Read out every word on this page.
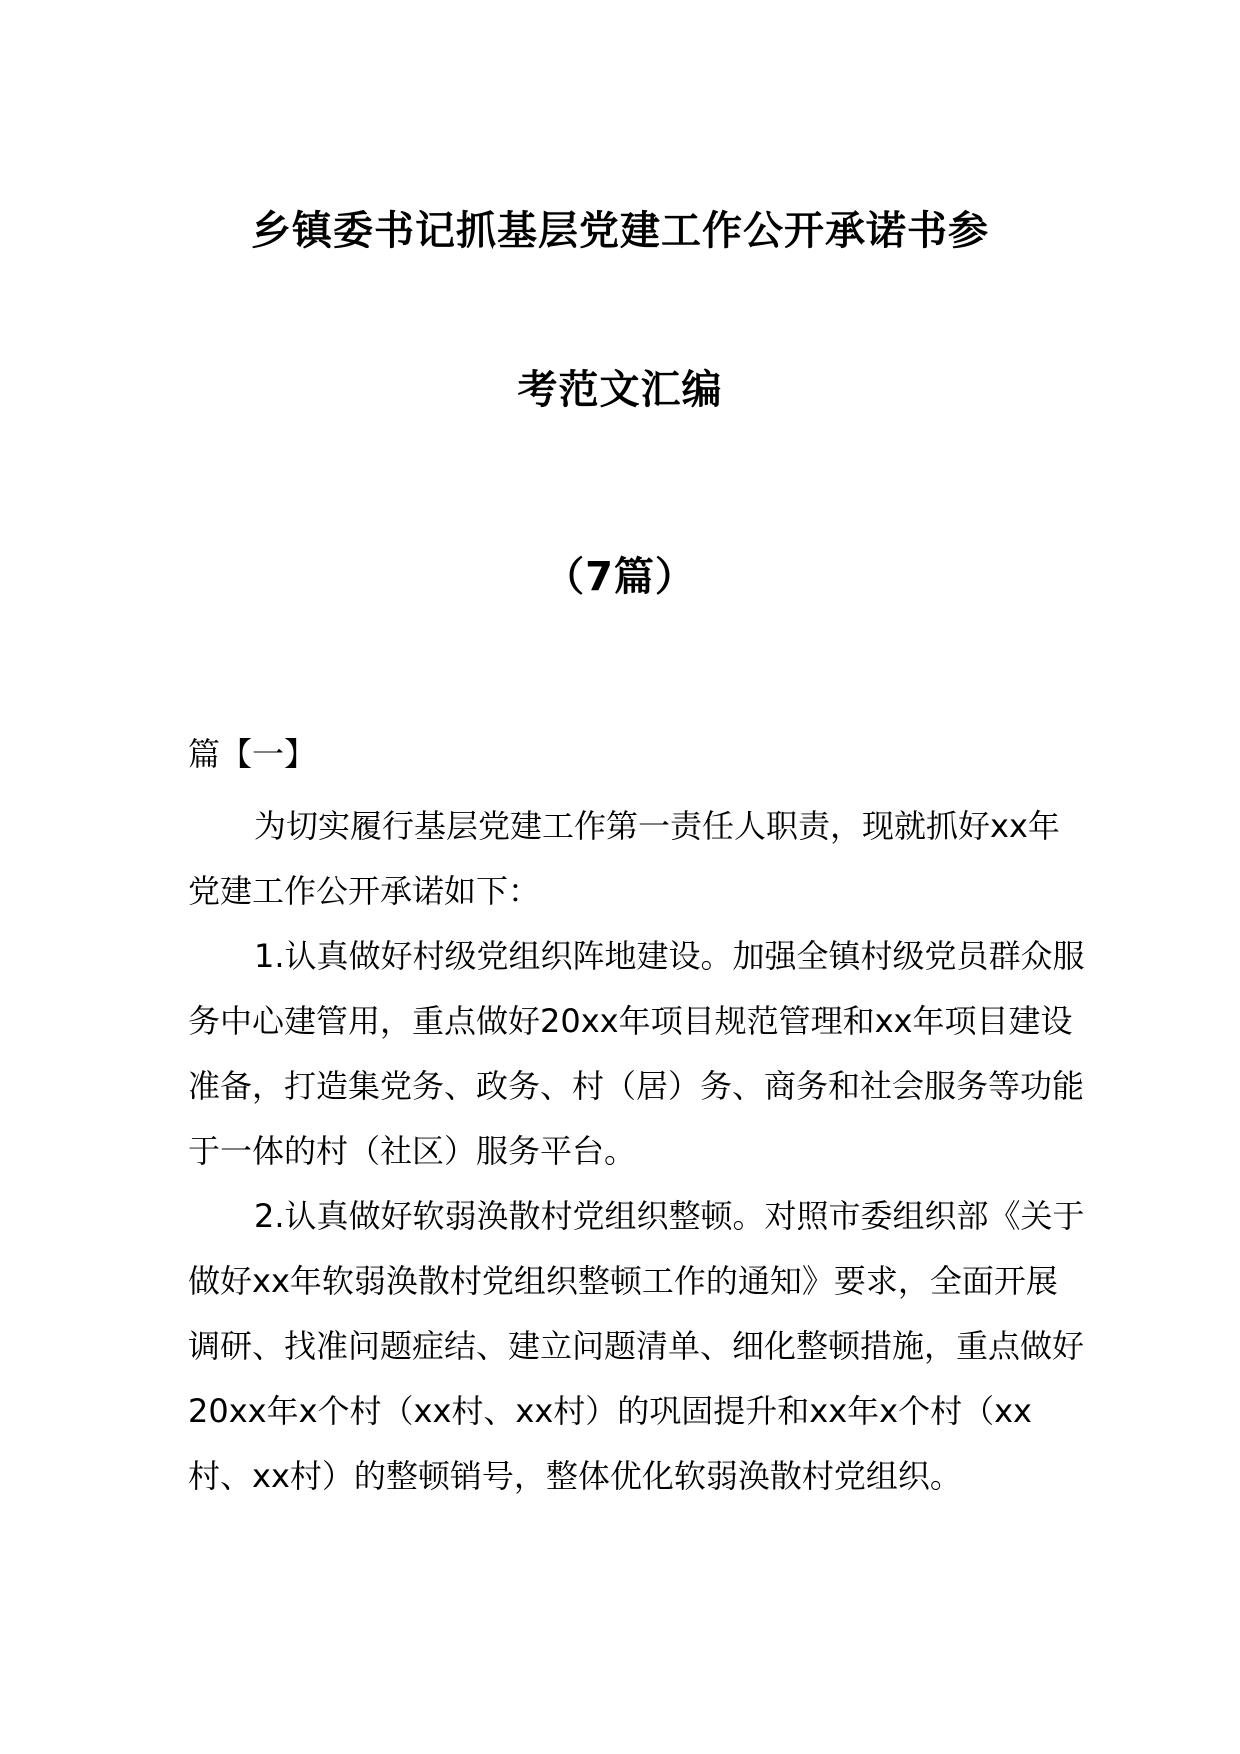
乡镇委书记抓基层党建工作公开承诺书参
考范文汇编
（7篇）
篇【一】

为切实履行基层党建工作第一责任人职责，现就抓好xx年党建工作公开承诺如下：

1.认真做好村级党组织阵地建设。加强全镇村级党员群众服务中心建管用，重点做好20xx年项目规范管理和xx年项目建设准备，打造集党务、政务、村（居）务、商务和社会服务等功能于一体的村（社区）服务平台。

2.认真做好软弱涣散村党组织整顿。对照市委组织部《关于做好xx年软弱涣散村党组织整顿工作的通知》要求，全面开展调研、找准问题症结、建立问题清单、细化整顿措施，重点做好20xx年x个村（xx村、xx村）的巩固提升和xx年x个村（xx村、xx村）的整顿销号，整体优化软弱涣散村党组织。
